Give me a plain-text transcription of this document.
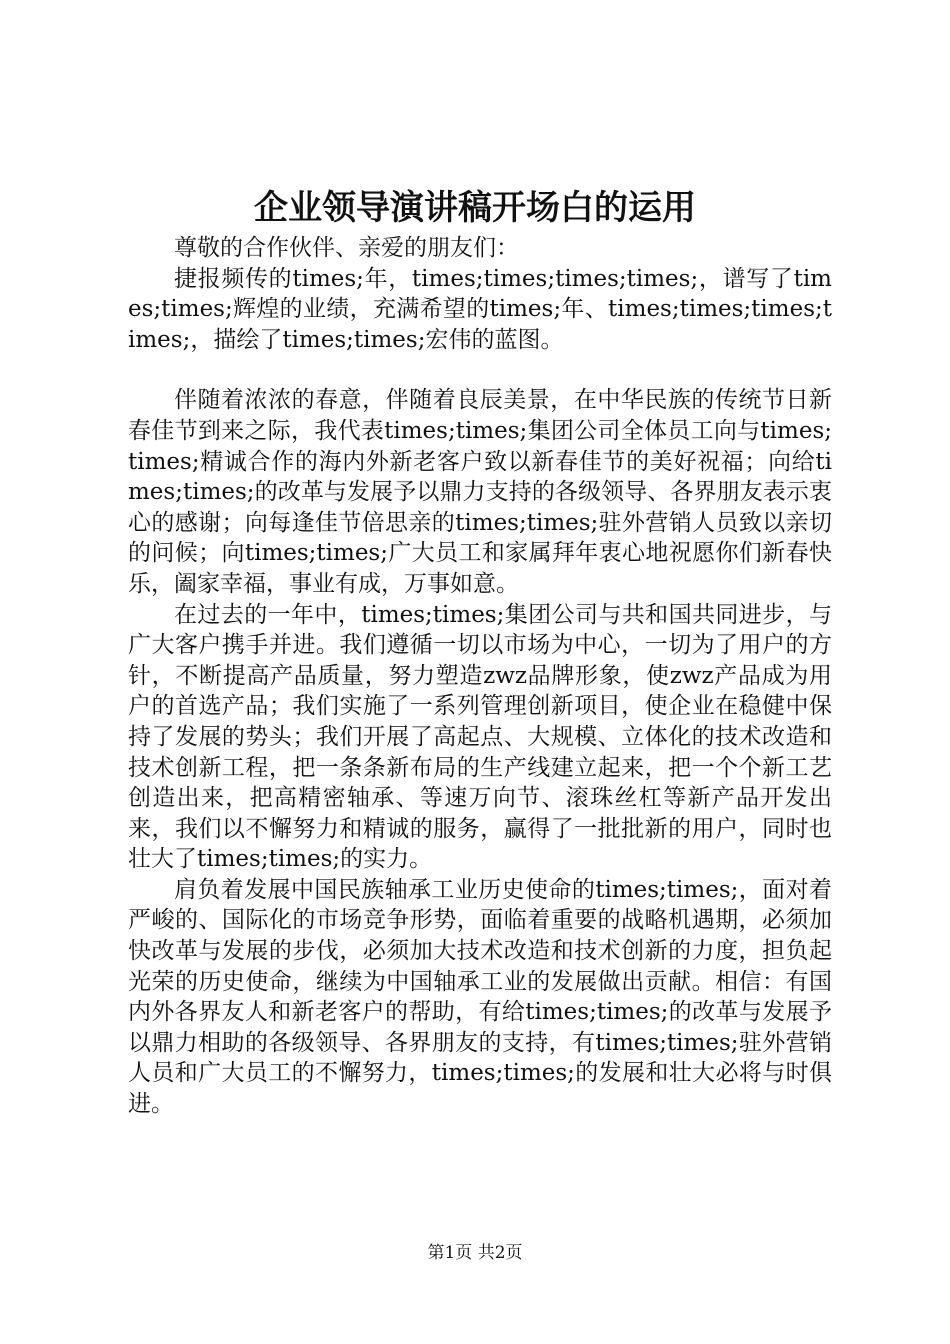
企业领导演讲稿开场白的运用

尊敬的合作伙伴、亲爱的朋友们：

捷报频传的times;年，times;times;times;times;，谱写了times;times;辉煌的业绩，充满希望的times;年、times;times;times;times;，描绘了times;times;宏伟的蓝图。

伴随着浓浓的春意，伴随着良辰美景，在中华民族的传统节日新春佳节到来之际，我代表times;times;集团公司全体员工向与times;times;精诚合作的海内外新老客户致以新春佳节的美好祝福；向给times;times;的改革与发展予以鼎力支持的各级领导、各界朋友表示衷心的感谢；向每逢佳节倍思亲的times;times;驻外营销人员致以亲切的问候；向times;times;广大员工和家属拜年衷心地祝愿你们新春快乐，阖家幸福，事业有成，万事如意。

在过去的一年中，times;times;集团公司与共和国共同进步，与广大客户携手并进。我们遵循一切以市场为中心，一切为了用户的方针，不断提高产品质量，努力塑造zwz品牌形象，使zwz产品成为用户的首选产品；我们实施了一系列管理创新项目，使企业在稳健中保持了发展的势头；我们开展了高起点、大规模、立体化的技术改造和技术创新工程，把一条条新布局的生产线建立起来，把一个个新工艺创造出来，把高精密轴承、等速万向节、滚珠丝杠等新产品开发出来，我们以不懈努力和精诚的服务，赢得了一批批新的用户，同时也壮大了times;times;的实力。

肩负着发展中国民族轴承工业历史使命的times;times;，面对着严峻的、国际化的市场竞争形势，面临着重要的战略机遇期，必须加快改革与发展的步伐，必须加大技术改造和技术创新的力度，担负起光荣的历史使命，继续为中国轴承工业的发展做出贡献。相信：有国内外各界友人和新老客户的帮助，有给times;times;的改革与发展予以鼎力相助的各级领导、各界朋友的支持，有times;times;驻外营销人员和广大员工的不懈努力，times;times;的发展和壮大必将与时俱进。

第1页 共2页
